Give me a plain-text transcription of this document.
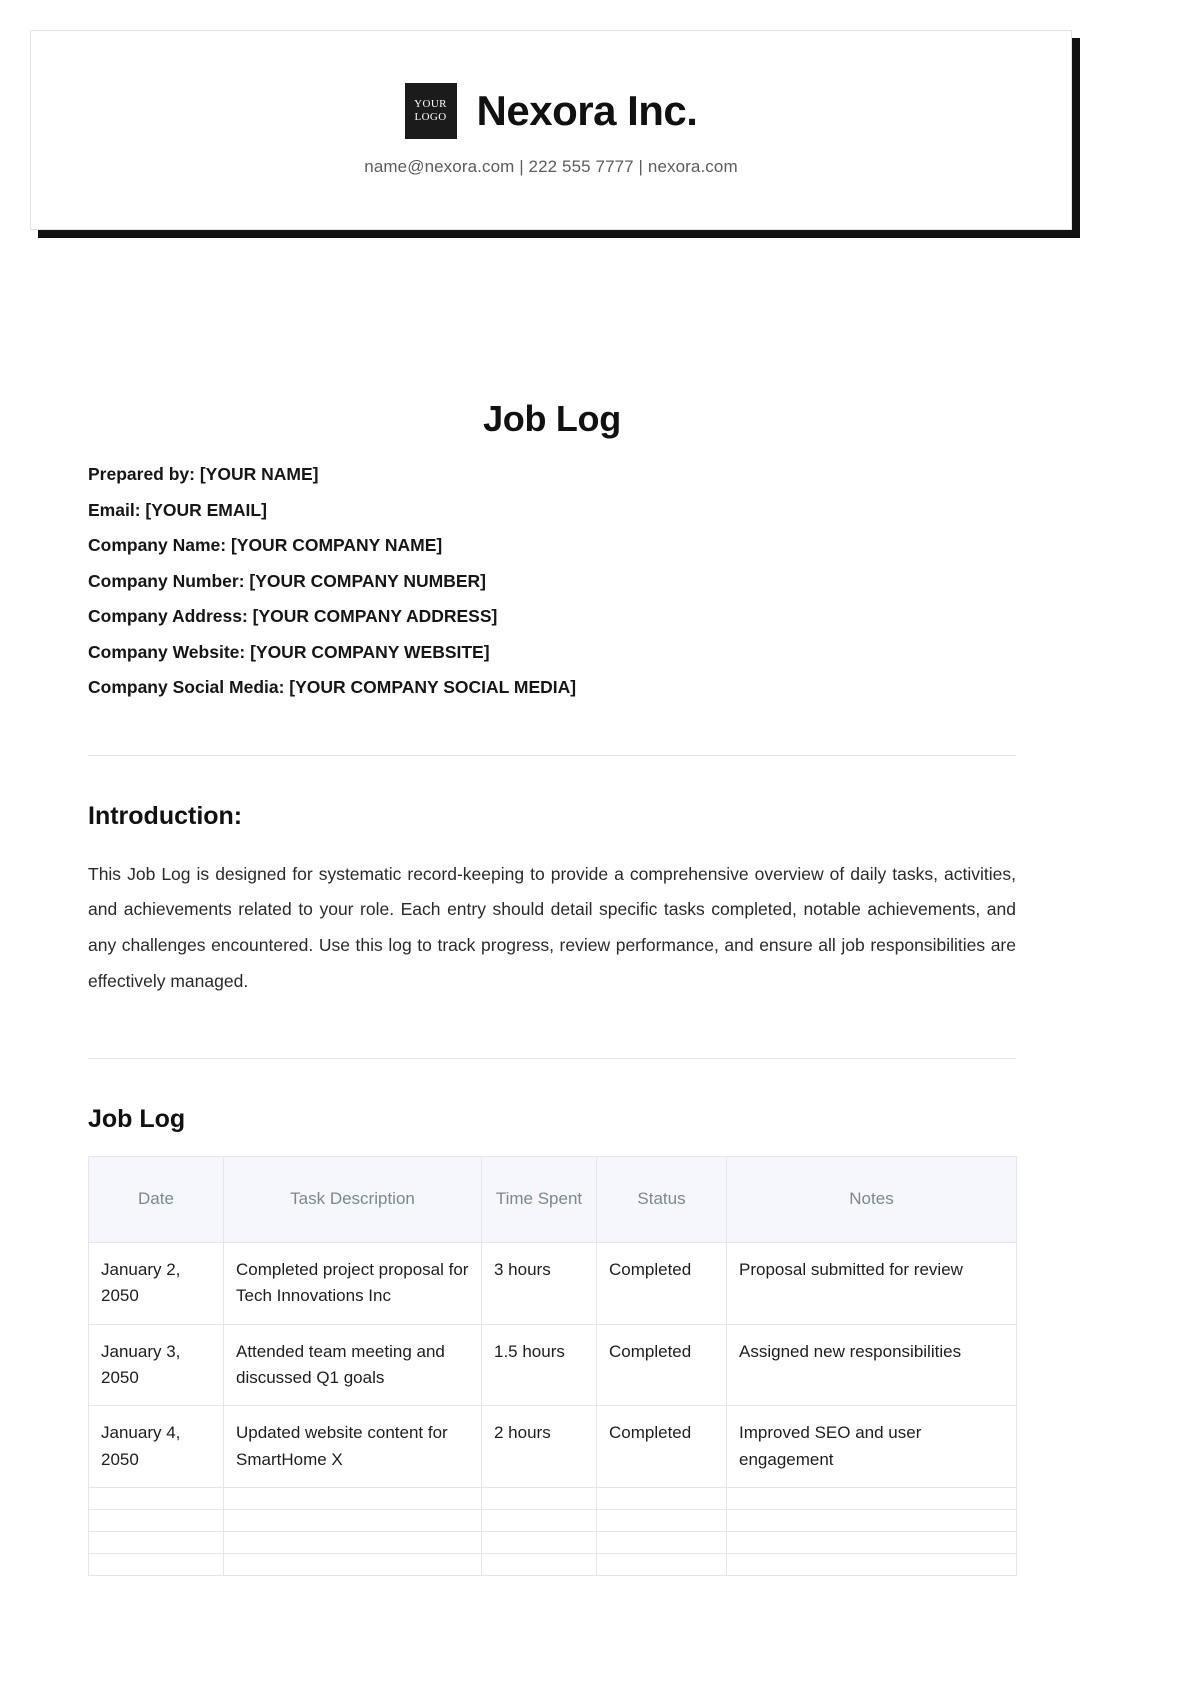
YOUR
LOGO Nexora Inc.
name@nexora.com | 222 555 7777 | nexora.com
Job Log
Prepared by: [YOUR NAME]
Email: [YOUR EMAIL]
Company Name: [YOUR COMPANY NAME]
Company Number: [YOUR COMPANY NUMBER]
Company Address: [YOUR COMPANY ADDRESS]
Company Website: [YOUR COMPANY WEBSITE]
Company Social Media: [YOUR COMPANY SOCIAL MEDIA]
Introduction:

This Job Log is designed for systematic record-keeping to provide a comprehensive overview of daily tasks, activities, and achievements related to your role. Each entry should detail specific tasks completed, notable achievements, and any challenges encountered. Use this log to track progress, review performance, and ensure all job responsibilities are effectively managed.

Job Log
Date	Task Description	Time Spent	Status	Notes
January 2, 2050	Completed project proposal for Tech Innovations Inc	3 hours	Completed	Proposal submitted for review
January 3, 2050	Attended team meeting and discussed Q1 goals	1.5 hours	Completed	Assigned new responsibilities
January 4, 2050	Updated website content for SmartHome X	2 hours	Completed	Improved SEO and user engagement
